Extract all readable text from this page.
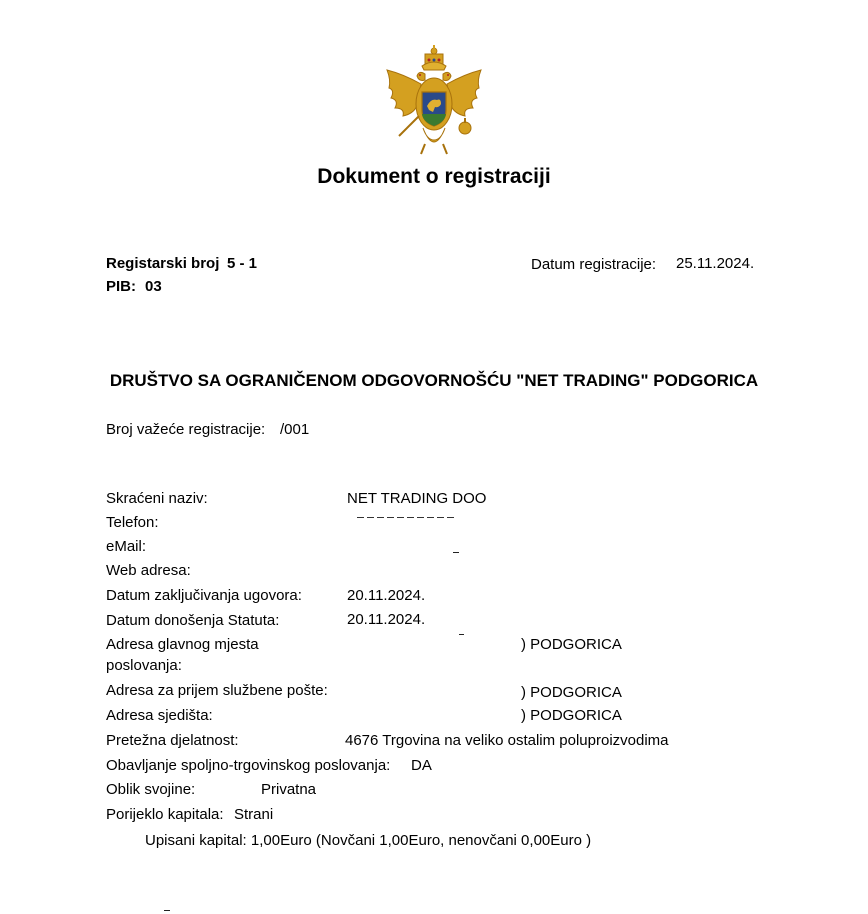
Dokument o registraciji
Registarski broj 5 - 1
PIB: 03
Datum registracije: 25.11.2024.
DRUŠTVO SA OGRANIČENOM ODGOVORNOŠĆU "NET TRADING" PODGORICA
Broj važeće registracije: /001
Skraćeni naziv:	NET TRADING DOO
Telefon:
eMail:
Web adresa:
Datum zaključivanja ugovora:	20.11.2024.
Datum donošenja Statuta:	20.11.2024.
Adresa glavnog mjesta
poslovanja:
) PODGORICA
Adresa za prijem službene pošte:	) PODGORICA
Adresa sjedišta:	) PODGORICA
Pretežna djelatnost:	4676 Trgovina na veliko ostalim poluproizvodima
Obavljanje spoljno-trgovinskog poslovanja: DA
Oblik svojine:	Privatna
Porijeklo kapitala: Strani
Upisani kapital: 1,00Euro (Novčani 1,00Euro, nenovčani 0,00Euro )
